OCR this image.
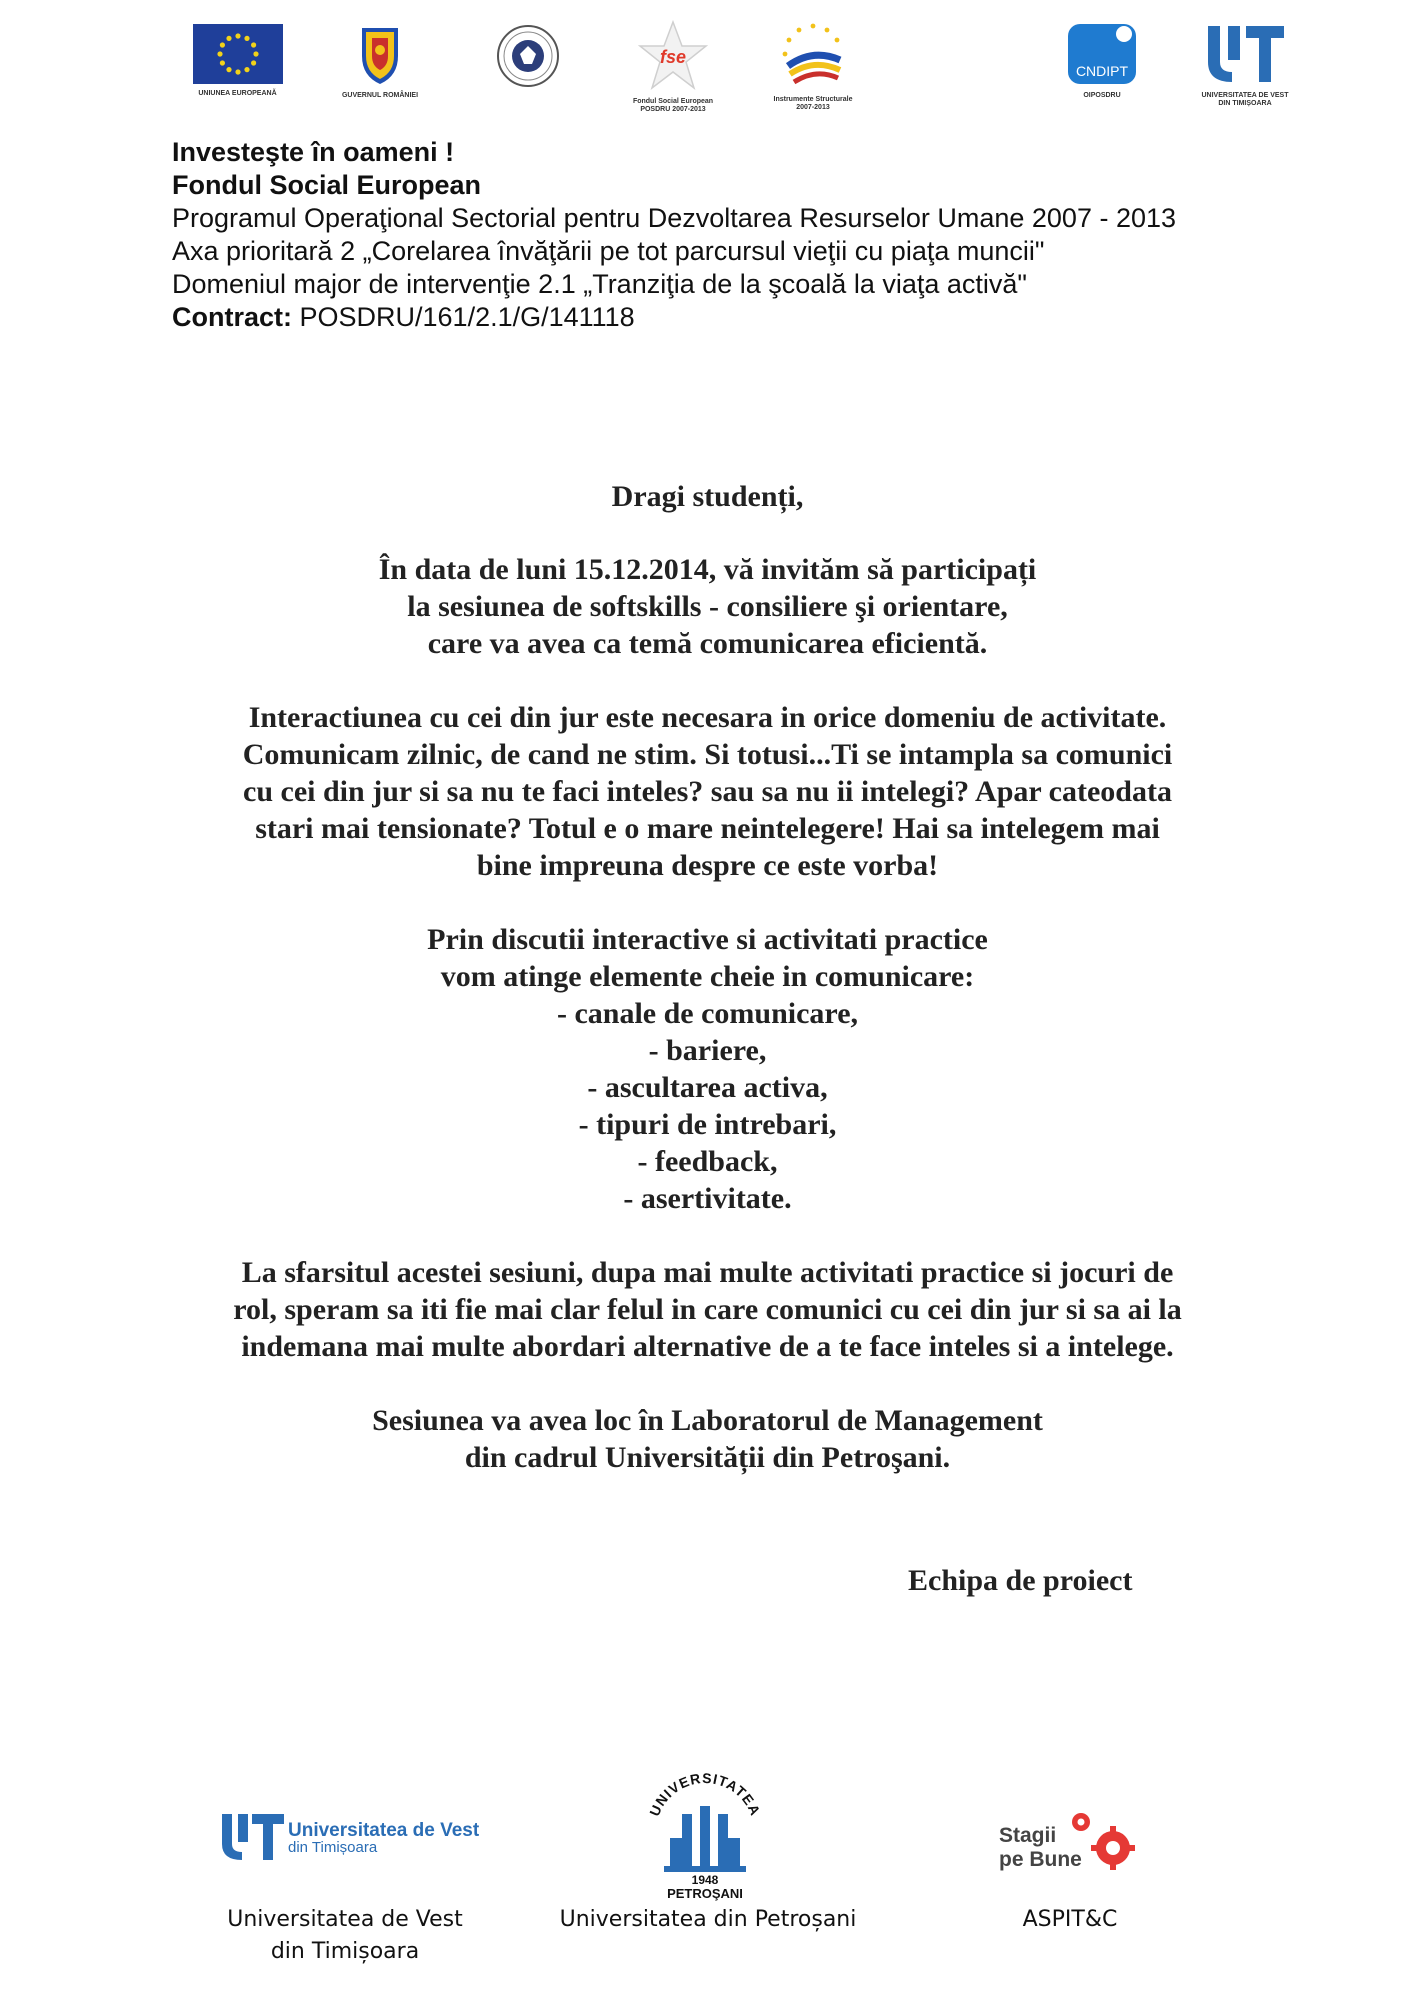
UNIUNEA EUROPEANĂ	GUVERNUL ROMÂNIEI
fse
Fondul Social European
POSDRU 2007-2013
Instrumente Structurale
2007-2013
CNDIPT
OIPOSDRU	UNIVERSITATEA DE VEST
DIN TIMIȘOARA
Investeşte în oameni !
Fondul Social European
Programul Operaţional Sectorial pentru Dezvoltarea Resurselor Umane 2007 - 2013
Axa prioritară 2 „Corelarea învăţării pe tot parcursul vieţii cu piaţa muncii"
Domeniul major de intervenţie 2.1 „Tranziţia de la şcoală la viaţa activă"
Contract: POSDRU/161/2.1/G/141118

Dragi studenți,

În data de luni 15.12.2014, vă invităm să participați
la sesiunea de softskills - consiliere şi orientare,
care va avea ca temă comunicarea eficientă.

Interactiunea cu cei din jur este necesara in orice domeniu de activitate.
Comunicam zilnic, de cand ne stim. Si totusi...Ti se intampla sa comunici
cu cei din jur si sa nu te faci inteles? sau sa nu ii intelegi? Apar cateodata
stari mai tensionate? Totul e o mare neintelegere! Hai sa intelegem mai
bine impreuna despre ce este vorba!

Prin discutii interactive si activitati practice
vom atinge elemente cheie in comunicare:
- canale de comunicare,
- bariere,
- ascultarea activa,
- tipuri de intrebari,
- feedback,
- asertivitate.

La sfarsitul acestei sesiuni, dupa mai multe activitati practice si jocuri de
rol, speram sa iti fie mai clar felul in care comunici cu cei din jur si sa ai la
indemana mai multe abordari alternative de a te face inteles si a intelege.

Sesiunea va avea loc în Laboratorul de Management
din cadrul Universității din Petroşani.

Echipa de proiect
Universitatea de Vest
din Timișoara
Universitatea de Vest
din Timișoara
UNIVERSITATEA
1948
PETROŞANI
Universitatea din Petroșani
Stagii
pe Bune
ASPIT&C
